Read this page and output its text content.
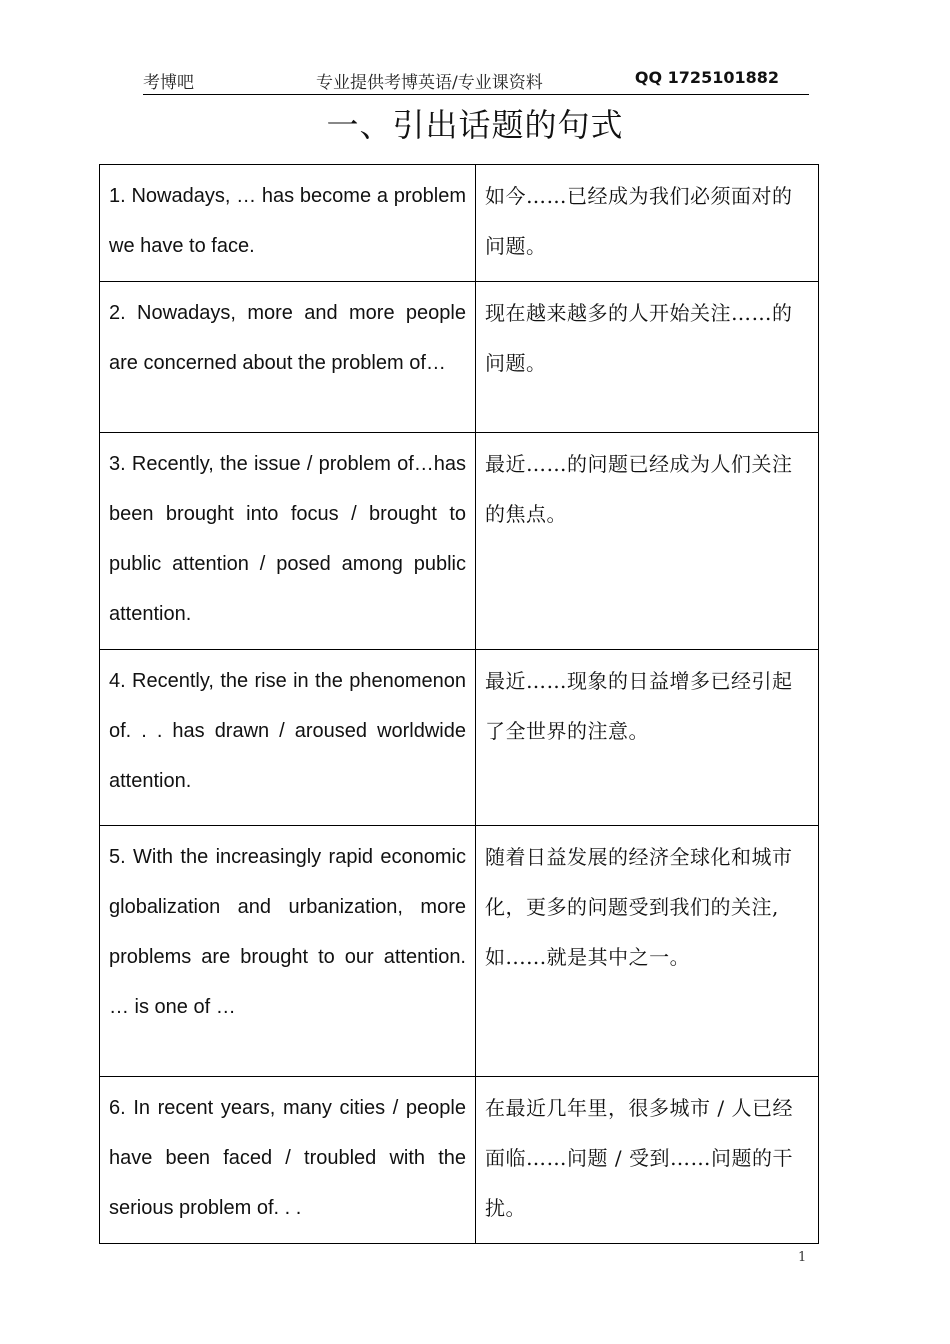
考博吧	专业提供考博英语/专业课资料	QQ 1725101882
一、引出话题的句式
1. Nowadays, … has become a problem we have to face.	如今……已经成为我们必须面对的问题。
2. Nowadays, more and more people are concerned about the problem of…	现在越来越多的人开始关注……的问题。
3. Recently, the issue / problem of…has been brought into focus / brought to public attention / posed among public attention.	最近……的问题已经成为人们关注的焦点。
4. Recently, the rise in the phenomenon of. . . has drawn / aroused worldwide attention.	最近……现象的日益增多已经引起了全世界的注意。
5. With the increasingly rapid economic globalization and urbanization, more problems are brought to our attention. … is one of …	随着日益发展的经济全球化和城市化，更多的问题受到我们的关注,如......就是其中之一。
6. In recent years, many cities / people have been faced / troubled with the serious problem of. . .	在最近几年里，很多城市 / 人已经面临……问题 / 受到……问题的干扰。
1
